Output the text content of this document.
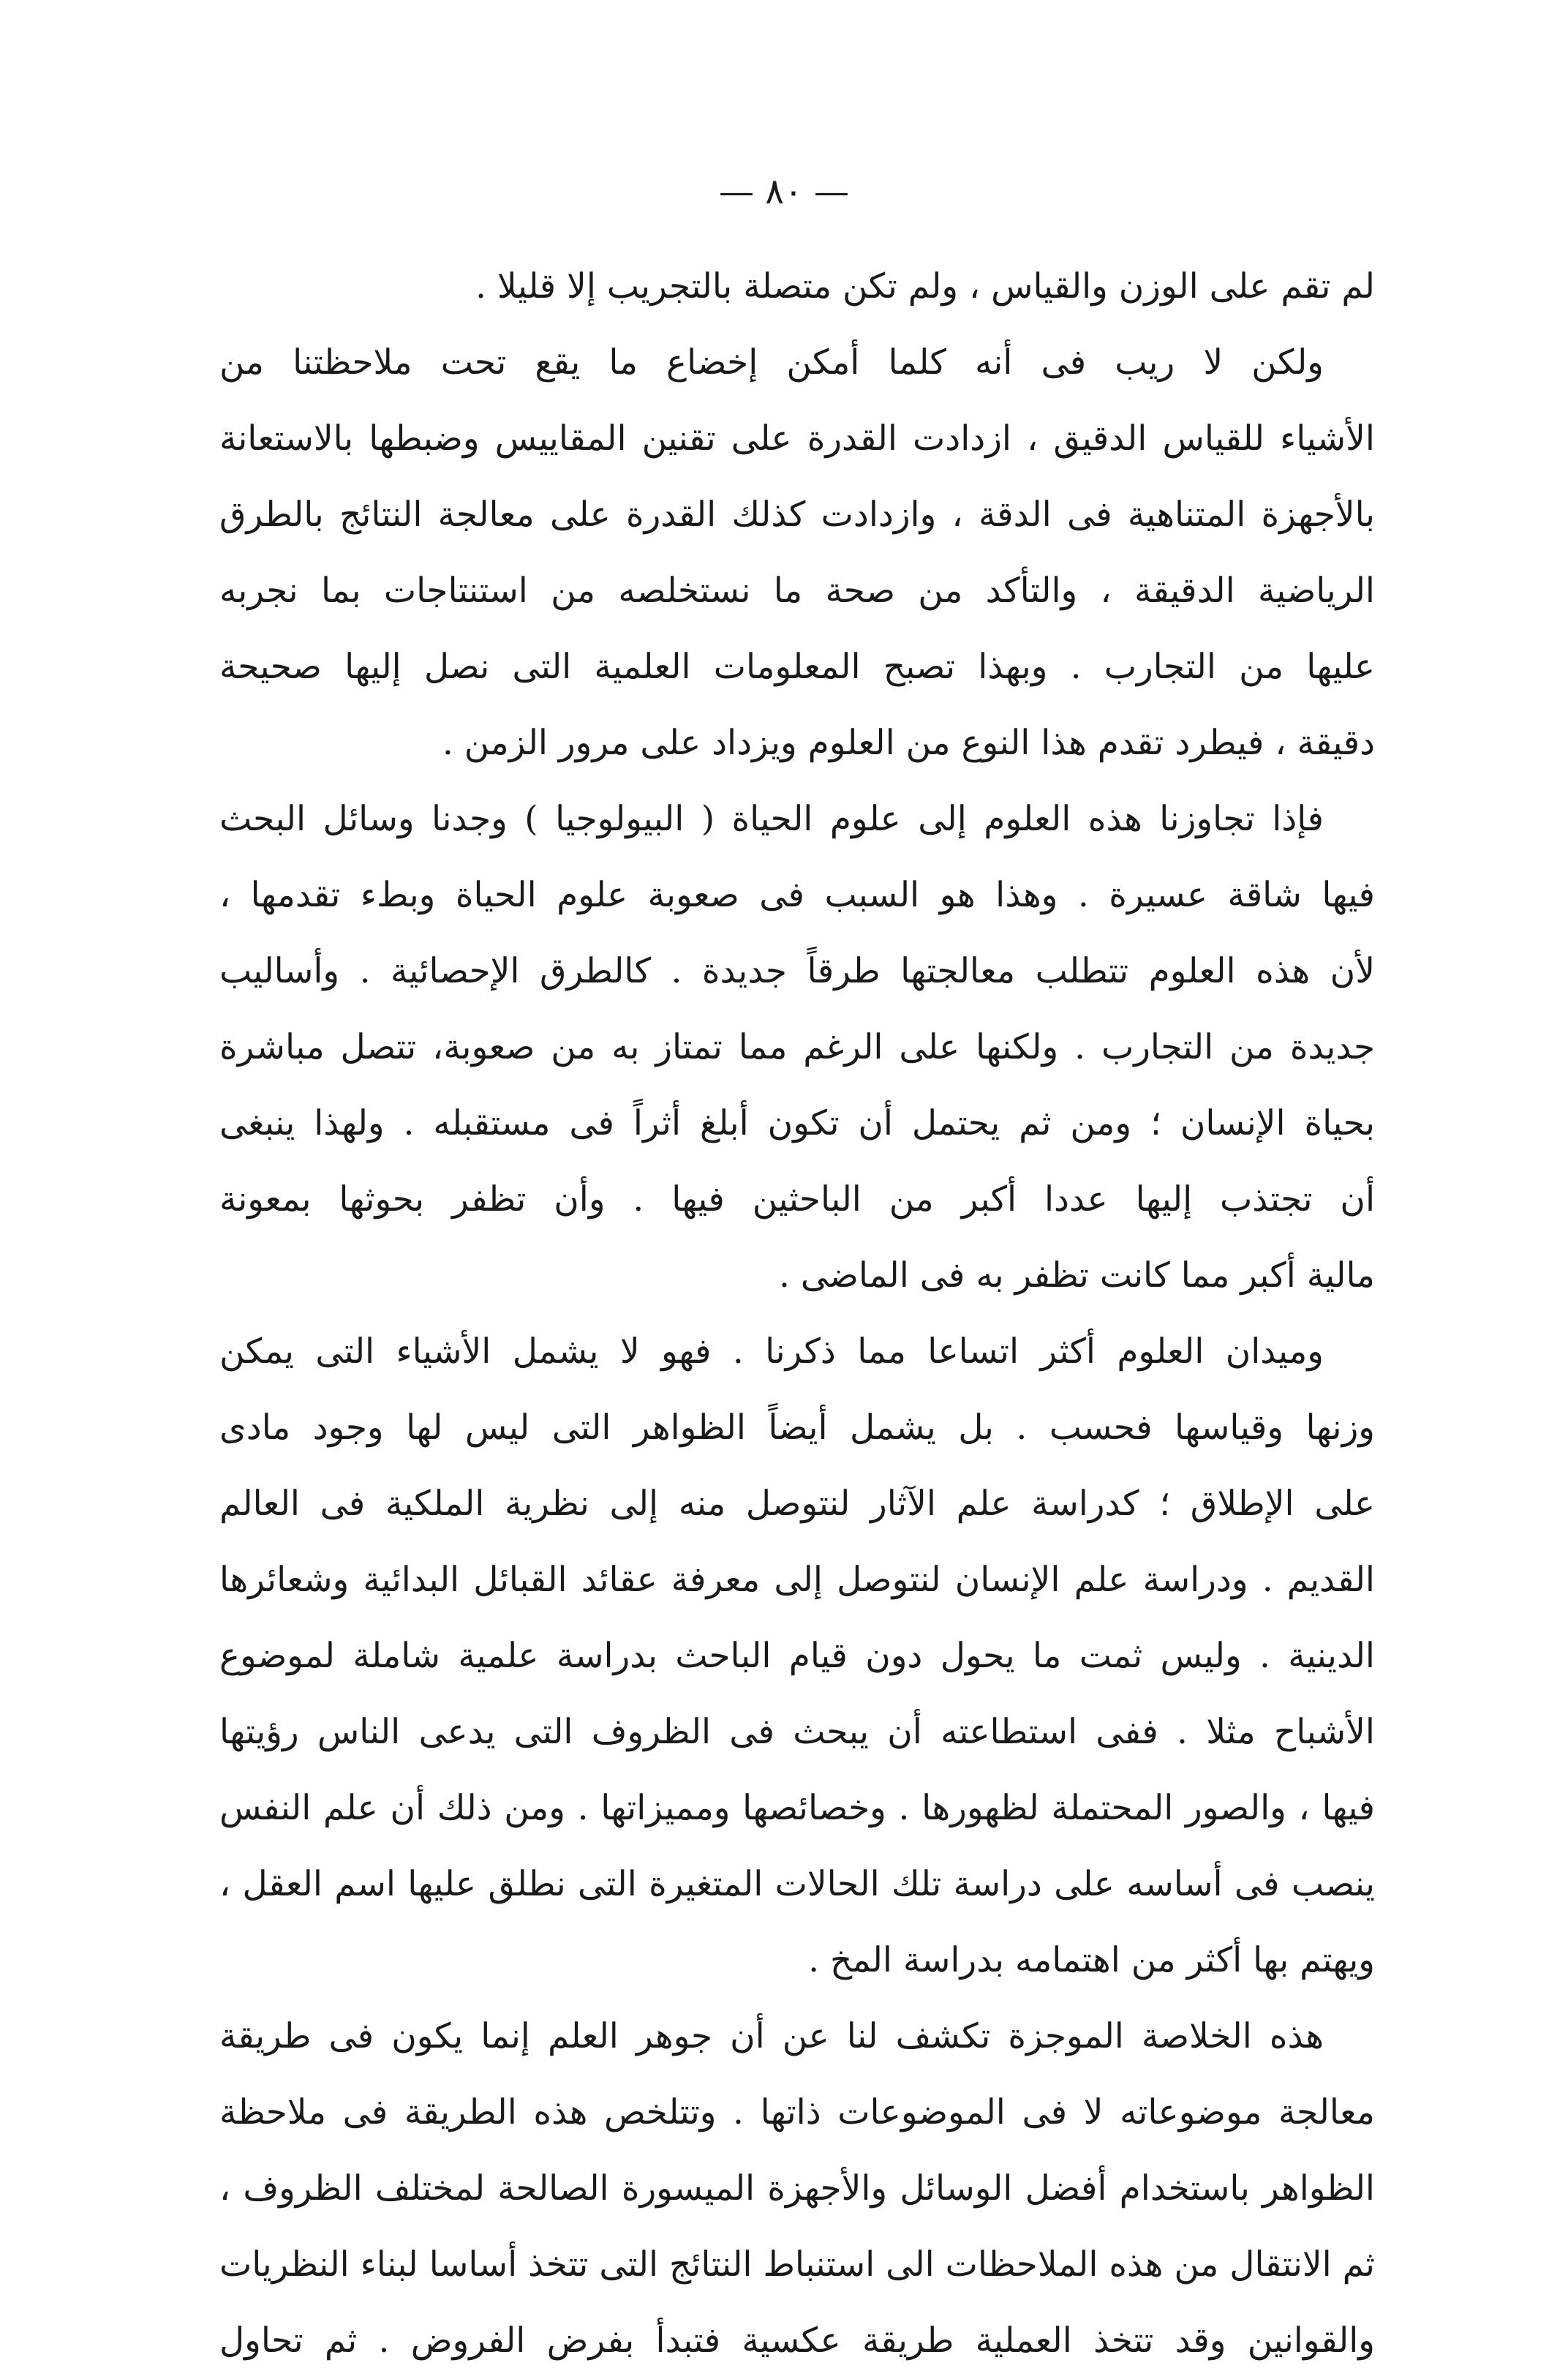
— ٨٠ —
لم تقم على الوزن والقياس ، ولم تكن متصلة بالتجريب إلا قليلا .
ولكن لا ريب فى أنه كلما أمكن إخضاع ما يقع تحت ملاحظتنا من
الأشياء للقياس الدقيق ، ازدادت القدرة على تقنين المقاييس وضبطها بالاستعانة
بالأجهزة المتناهية فى الدقة ، وازدادت كذلك القدرة على معالجة النتائج بالطرق
الرياضية الدقيقة ، والتأكد من صحة ما نستخلصه من استنتاجات بما نجربه
عليها من التجارب . وبهذا تصبح المعلومات العلمية التى نصل إليها صحيحة
دقيقة ، فيطرد تقدم هذا النوع من العلوم ويزداد على مرور الزمن .
فإذا تجاوزنا هذه العلوم إلى علوم الحياة ( البيولوجيا ) وجدنا وسائل البحث
فيها شاقة عسيرة . وهذا هو السبب فى صعوبة علوم الحياة وبطء تقدمها ،
لأن هذه العلوم تتطلب معالجتها طرقاً جديدة . كالطرق الإحصائية . وأساليب
جديدة من التجارب . ولكنها على الرغم مما تمتاز به من صعوبة، تتصل مباشرة
بحياة الإنسان ؛ ومن ثم يحتمل أن تكون أبلغ أثراً فى مستقبله . ولهذا ينبغى
أن تجتذب إليها عددا أكبر من الباحثين فيها . وأن تظفر بحوثها بمعونة
مالية أكبر مما كانت تظفر به فى الماضى .
وميدان العلوم أكثر اتساعا مما ذكرنا . فهو لا يشمل الأشياء التى يمكن
وزنها وقياسها فحسب . بل يشمل أيضاً الظواهر التى ليس لها وجود مادى
على الإطلاق ؛ كدراسة علم الآثار لنتوصل منه إلى نظرية الملكية فى العالم
القديم . ودراسة علم الإنسان لنتوصل إلى معرفة عقائد القبائل البدائية وشعائرها
الدينية . وليس ثمت ما يحول دون قيام الباحث بدراسة علمية شاملة لموضوع
الأشباح مثلا . ففى استطاعته أن يبحث فى الظروف التى يدعى الناس رؤيتها
فيها ، والصور المحتملة لظهورها . وخصائصها ومميزاتها . ومن ذلك أن علم النفس
ينصب فى أساسه على دراسة تلك الحالات المتغيرة التى نطلق عليها اسم العقل ،
ويهتم بها أكثر من اهتمامه بدراسة المخ .
هذه الخلاصة الموجزة تكشف لنا عن أن جوهر العلم إنما يكون فى طريقة
معالجة موضوعاته لا فى الموضوعات ذاتها . وتتلخص هذه الطريقة فى ملاحظة
الظواهر باستخدام أفضل الوسائل والأجهزة الميسورة الصالحة لمختلف الظروف ،
ثم الانتقال من هذه الملاحظات الى استنباط النتائج التى تتخذ أساسا لبناء النظريات
والقوانين وقد تتخذ العملية طريقة عكسية فتبدأ بفرض الفروض . ثم تحاول
